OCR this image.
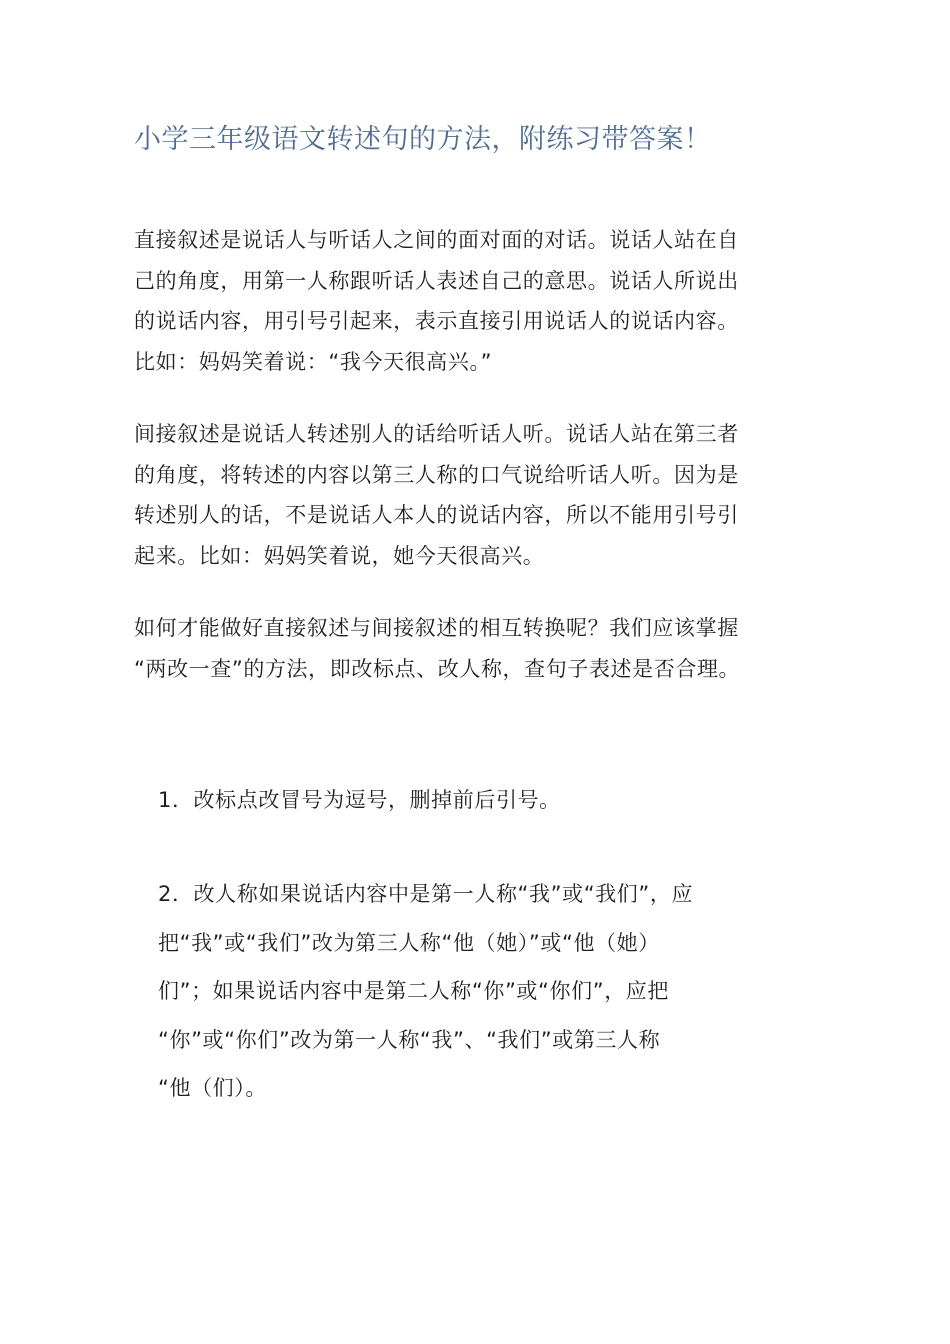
小学三年级语文转述句的方法，附练习带答案！

直接叙述是说话人与听话人之间的面对面的对话。说话人站在自
己的角度，用第一人称跟听话人表述自己的意思。说话人所说出
的说话内容，用引号引起来，表示直接引用说话人的说话内容。
比如：妈妈笑着说：“我今天很高兴。”

间接叙述是说话人转述别人的话给听话人听。说话人站在第三者
的角度，将转述的内容以第三人称的口气说给听话人听。因为是
转述别人的话，不是说话人本人的说话内容，所以不能用引号引
起来。比如：妈妈笑着说，她今天很高兴。

如何才能做好直接叙述与间接叙述的相互转换呢？我们应该掌握
“两改一查”的方法，即改标点、改人称，查句子表述是否合理。

1．改标点改冒号为逗号，删掉前后引号。

2．改人称如果说话内容中是第一人称“我”或“我们”，应
把“我”或“我们”改为第三人称“他（她）”或“他（她）
们”；如果说话内容中是第二人称“你”或“你们”，应把
“你”或“你们”改为第一人称“我”、“我们”或第三人称
“他（们）。
